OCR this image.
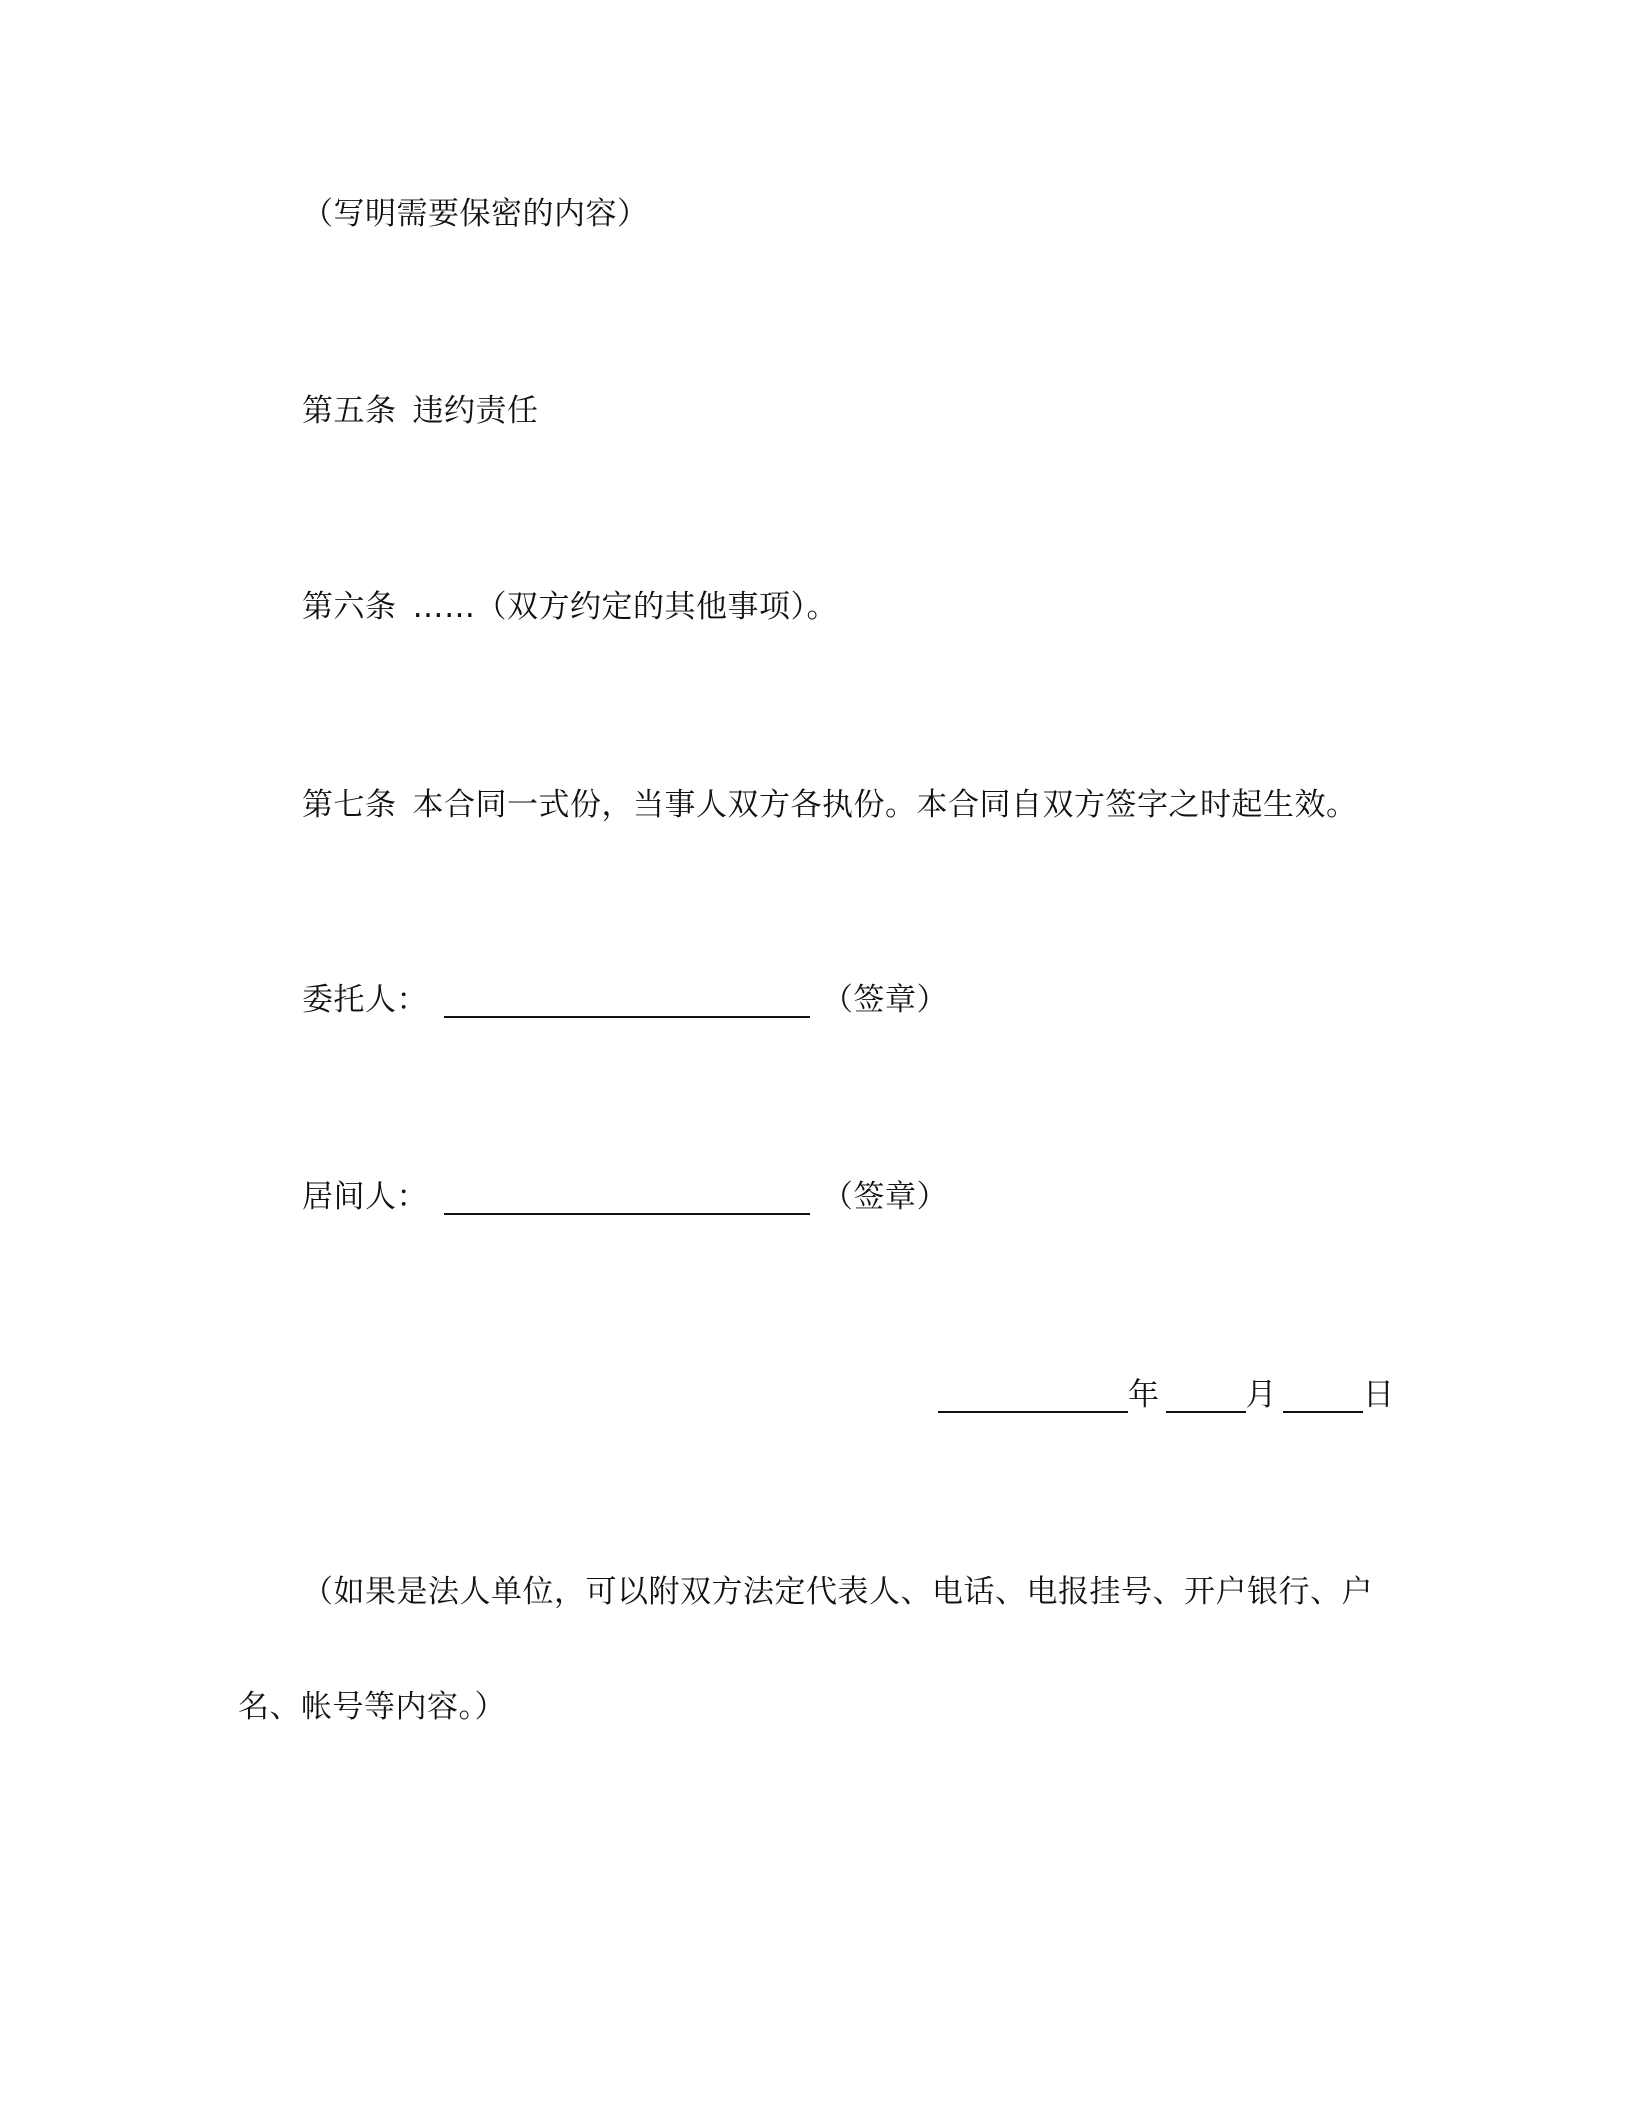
（写明需要保密的内容）
第五条 违约责任
第六条 ……（双方约定的其他事项）。
第七条 本合同一式份，当事人双方各执份。本合同自双方签字之时起生效。
委托人：	（签章）
居间人：	（签章）
年	月	日
（如果是法人单位，可以附双方法定代表人、电话、电报挂号、开户银行、户
名、帐号等内容。）
